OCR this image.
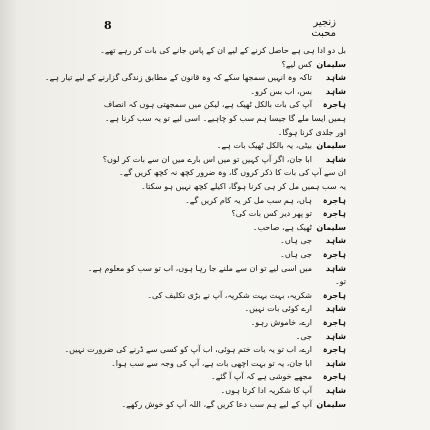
8	زنجیر محبت
بل دو ادا ہی ہے حاصل کرنے کے لیے ان کے پاس جانے کی بات کر رہے تھے۔
سلیمان
کس لیے؟
شاہد
تاکہ وہ انہیں سمجھا سکے کہ وہ قانون کے مطابق زندگی گزارنے کے لیے تیار ہے۔
شاہد
بس، اب بس کرو۔
ہاجرہ
آپ کی بات بالکل ٹھیک ہے، لیکن میں سمجھتی ہوں کہ انصاف
ہمیں ایسا ملے گا جیسا ہم سب کو چاہیے۔ اسی لیے تو یہ سب کرنا ہے۔
اور جلدی کرنا ہوگا۔
سلیمان
بیٹی، یہ بالکل ٹھیک بات ہے۔
شاہد
ابا جان، اگر آپ کہیں تو میں اس بارے میں ان سے بات کر لوں؟
ان سے آپ کی بات کا ذکر کروں گا، وہ ضرور کچھ نہ کچھ کریں گے۔
یہ سب ہمیں مل کر ہی کرنا ہوگا، اکیلے کچھ نہیں ہو سکتا۔
ہاجرہ
ہاں، ہم سب مل کر یہ کام کریں گے۔
ہاجرہ
تو پھر دیر کس بات کی؟
سلیمان
ٹھیک ہے، صاحب۔
شاہد
جی ہاں۔
ہاجرہ
جی ہاں۔
شاہد
میں اسی لیے تو ان سے ملنے جا رہا ہوں، اب تو سب کو معلوم ہے۔
تو۔
ہاجرہ
شکریہ، بہت بہت شکریہ، آپ نے بڑی تکلیف کی۔
شاہد
ارے کوئی بات نہیں۔
ہاجرہ
ارے، خاموش رہو۔
شاہد
جی۔
ہاجرہ
ارے، اب تو یہ بات ختم ہوئی، اب آپ کو کسی سے ڈرنے کی ضرورت نہیں۔
شاہد
ابا جان، یہ تو بہت اچھی بات ہے، آپ کی وجہ سے سب ہوا۔
ہاجرہ
مجھے خوشی ہے کہ آپ آ گئے۔
شاہد
آپ کا شکریہ ادا کرتا ہوں۔
سلیمان
آپ کے لیے ہم سب دعا کریں گے، اللہ آپ کو خوش رکھے۔
